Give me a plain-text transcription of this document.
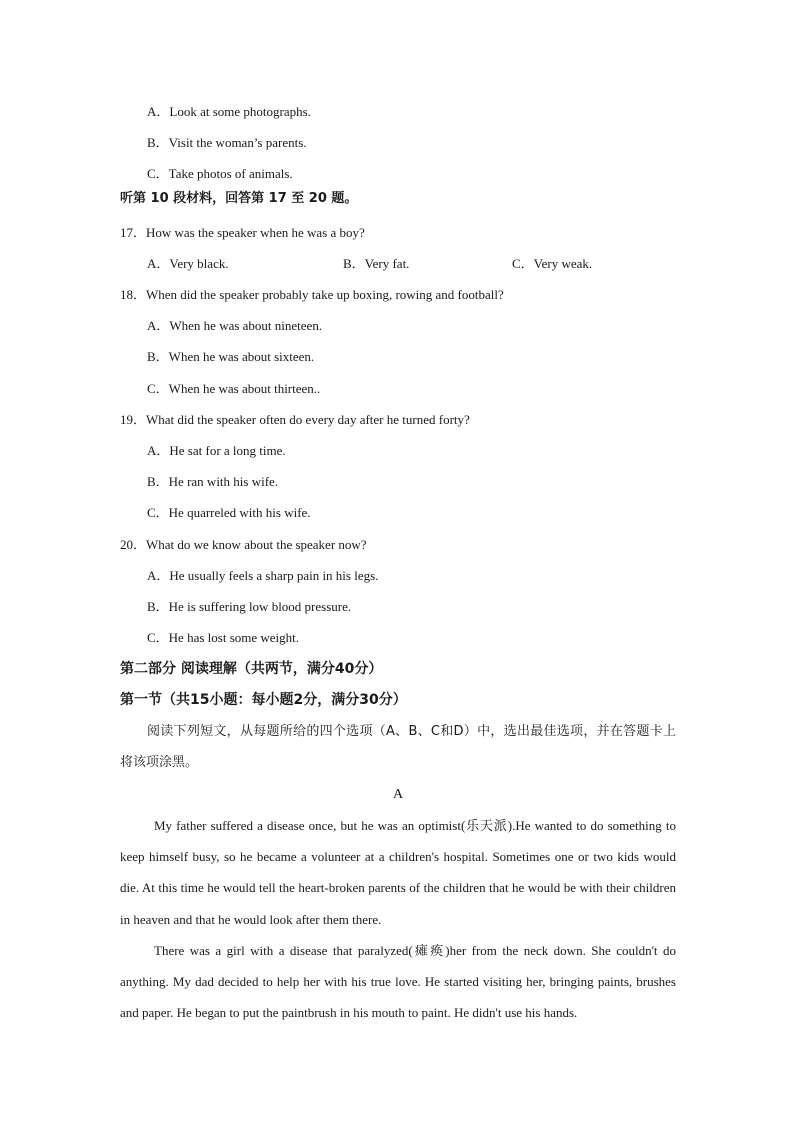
A．Look at some photographs.
B．Visit the woman’s parents.
C．Take photos of animals.
听第 10 段材料，回答第 17 至 20 题。
17．How was the speaker when he was a boy?
A．Very black.	B．Very fat.	C．Very weak.
18．When did the speaker probably take up boxing, rowing and football?
A．When he was about nineteen.
B．When he was about sixteen.
C．When he was about thirteen..
19．What did the speaker often do every day after he turned forty?
A．He sat for a long time.
B．He ran with his wife.
C．He quarreled with his wife.
20．What do we know about the speaker now?
A．He usually feels a sharp pain in his legs.
B．He is suffering low blood pressure.
C．He has lost some weight.
第二部分 阅读理解（共两节，满分40分）
第一节（共15小题：每小题2分，满分30分）
阅读下列短文，从每题所给的四个选项（A、B、C和D）中，选出最佳选项，并在答题卡上将该项涂黑。
A
My father suffered a disease once, but he was an optimist(乐天派).He wanted to do something to keep himself busy, so he became a volunteer at a children's hospital. Sometimes one or two kids would die. At this time he would tell the heart-broken parents of the children that he would be with their children in heaven and that he would look after them there.
There was a girl with a disease that paralyzed(瘫痪)her from the neck down. She couldn't do anything. My dad decided to help her with his true love. He started visiting her, bringing paints, brushes and paper. He began to put the paintbrush in his mouth to paint. He didn't use his hands.
